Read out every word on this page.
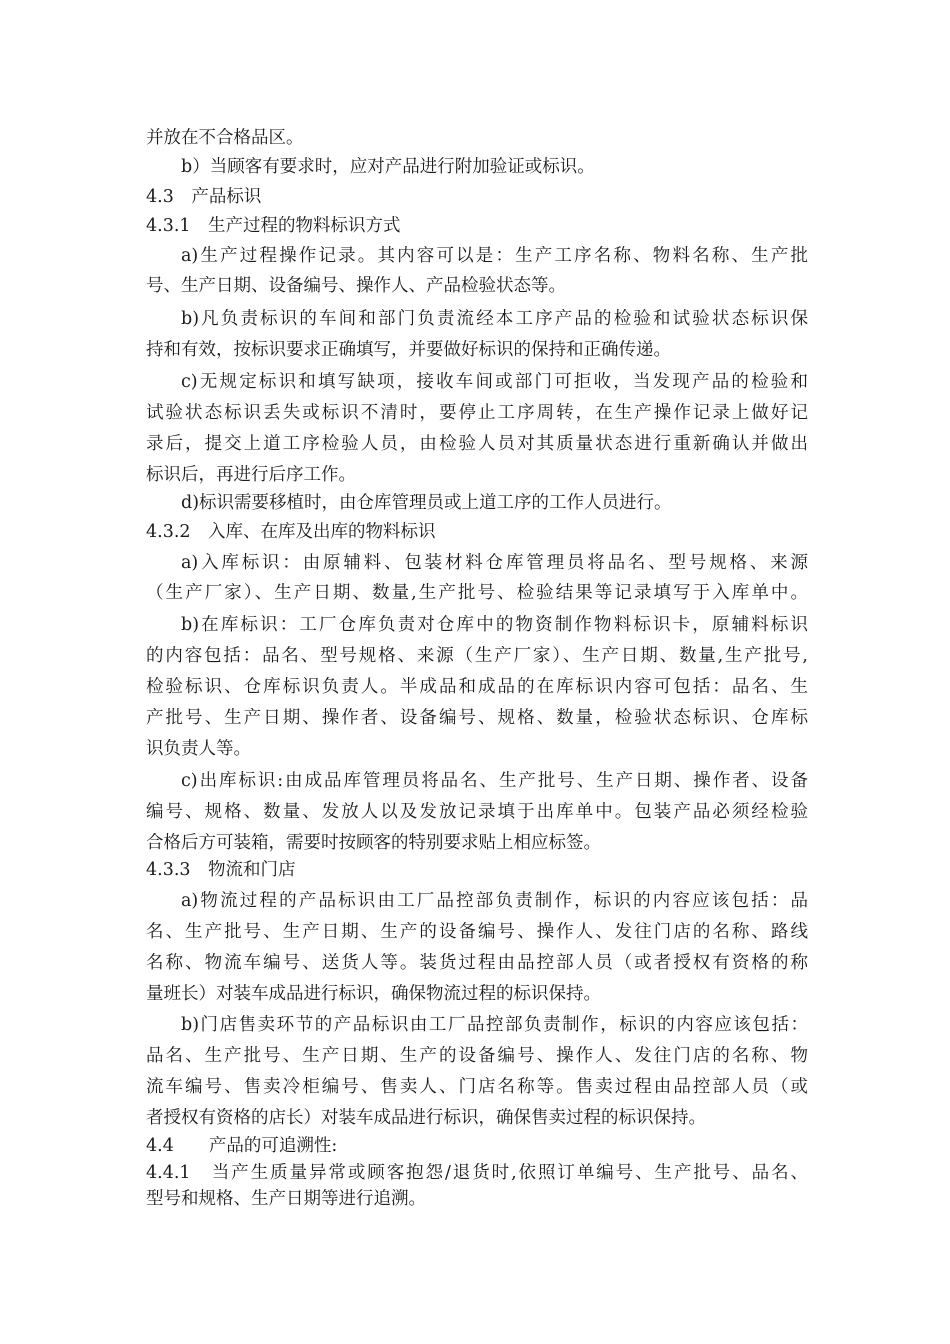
并放在不合格品区。
b）当顾客有要求时，应对产品进行附加验证或标识。
4.3　产品标识
4.3.1　生产过程的物料标识方式
a)生产过程操作记录。其内容可以是：生产工序名称、物料名称、生产批
号、生产日期、设备编号、操作人、产品检验状态等。
b)凡负责标识的车间和部门负责流经本工序产品的检验和试验状态标识保
持和有效，按标识要求正确填写，并要做好标识的保持和正确传递。
c)无规定标识和填写缺项，接收车间或部门可拒收，当发现产品的检验和
试验状态标识丢失或标识不清时，要停止工序周转，在生产操作记录上做好记
录后，提交上道工序检验人员，由检验人员对其质量状态进行重新确认并做出
标识后，再进行后序工作。
d)标识需要移植时，由仓库管理员或上道工序的工作人员进行。
4.3.2　入库、在库及出库的物料标识
a)入库标识：由原辅料、包装材料仓库管理员将品名、型号规格、来源
（生产厂家）、生产日期、数量,生产批号、检验结果等记录填写于入库单中。
b)在库标识：工厂仓库负责对仓库中的物资制作物料标识卡，原辅料标识
的内容包括：品名、型号规格、来源（生产厂家）、生产日期、数量,生产批号,
检验标识、仓库标识负责人。半成品和成品的在库标识内容可包括：品名、生
产批号、生产日期、操作者、设备编号、规格、数量，检验状态标识、仓库标
识负责人等。
c)出库标识:由成品库管理员将品名、生产批号、生产日期、操作者、设备
编号、规格、数量、发放人以及发放记录填于出库单中。包装产品必须经检验
合格后方可装箱，需要时按顾客的特别要求贴上相应标签。
4.3.3　物流和门店
a)物流过程的产品标识由工厂品控部负责制作，标识的内容应该包括：品
名、生产批号、生产日期、生产的设备编号、操作人、发往门店的名称、路线
名称、物流车编号、送货人等。装货过程由品控部人员（或者授权有资格的称
量班长）对装车成品进行标识，确保物流过程的标识保持。
b)门店售卖环节的产品标识由工厂品控部负责制作，标识的内容应该包括：
品名、生产批号、生产日期、生产的设备编号、操作人、发往门店的名称、物
流车编号、售卖冷柜编号、售卖人、门店名称等。售卖过程由品控部人员（或
者授权有资格的店长）对装车成品进行标识，确保售卖过程的标识保持。
4.4　　产品的可追溯性:
4.4.1　当产生质量异常或顾客抱怨/退货时,依照订单编号、生产批号、品名、
型号和规格、生产日期等进行追溯。
